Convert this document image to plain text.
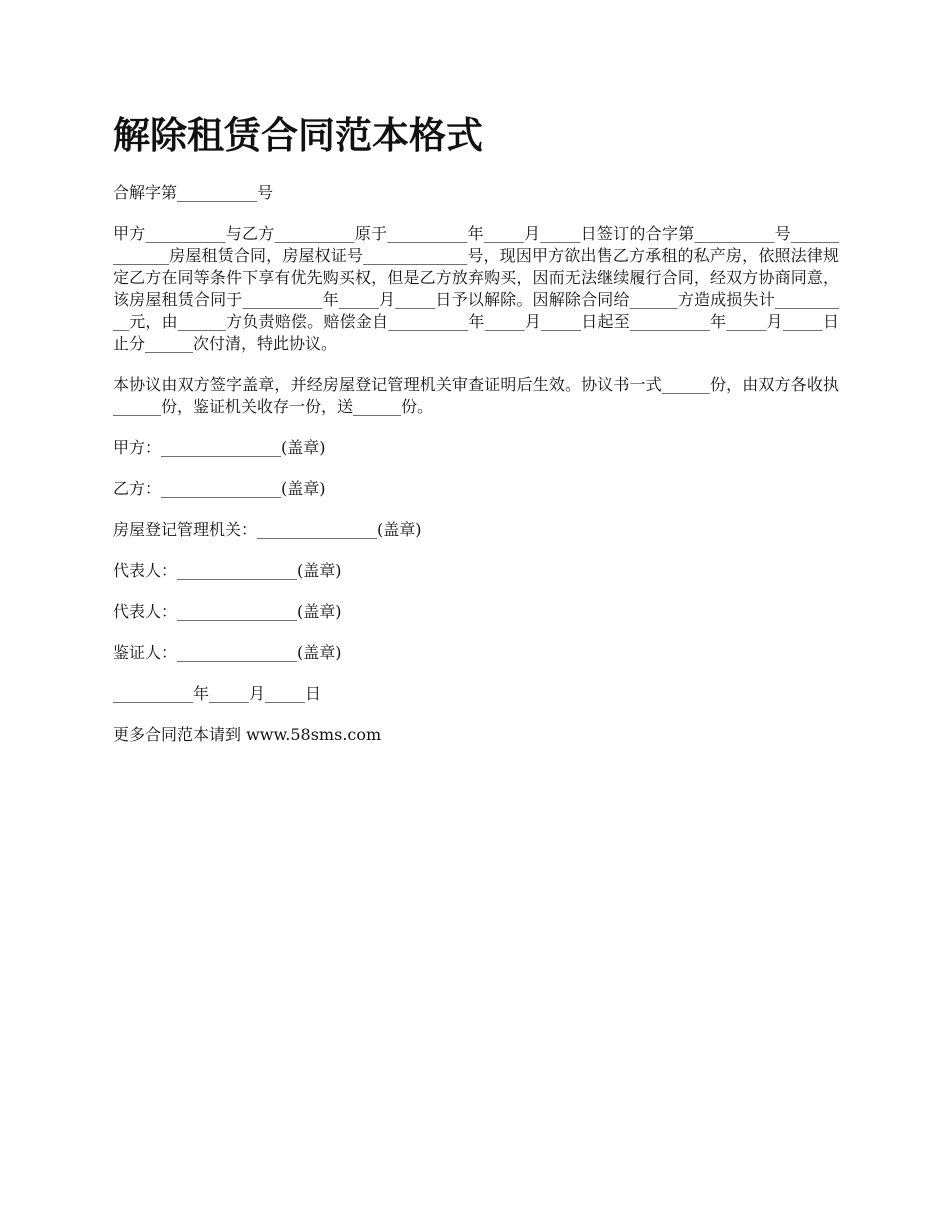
解除租赁合同范本格式

合解字第__________号

甲方__________与乙方__________原于__________年_____月_____日签订的合字第__________号_____________房屋租赁合同，房屋权证号_____________号，现因甲方欲出售乙方承租的私产房，依照法律规定乙方在同等条件下享有优先购买权，但是乙方放弃购买，因而无法继续履行合同，经双方协商同意，该房屋租赁合同于__________年_____月_____日予以解除。因解除合同给______方造成损失计__________元，由______方负责赔偿。赔偿金自__________年_____月_____日起至__________年_____月_____日止分______次付清，特此协议。

本协议由双方签字盖章，并经房屋登记管理机关审查证明后生效。协议书一式______份，由双方各收执______份，鉴证机关收存一份，送______份。

甲方：_______________(盖章)

乙方：_______________(盖章)

房屋登记管理机关：_______________(盖章)

代表人：_______________(盖章)

代表人：_______________(盖章)

鉴证人：_______________(盖章)

__________年_____月_____日

更多合同范本请到 www.58sms.com
